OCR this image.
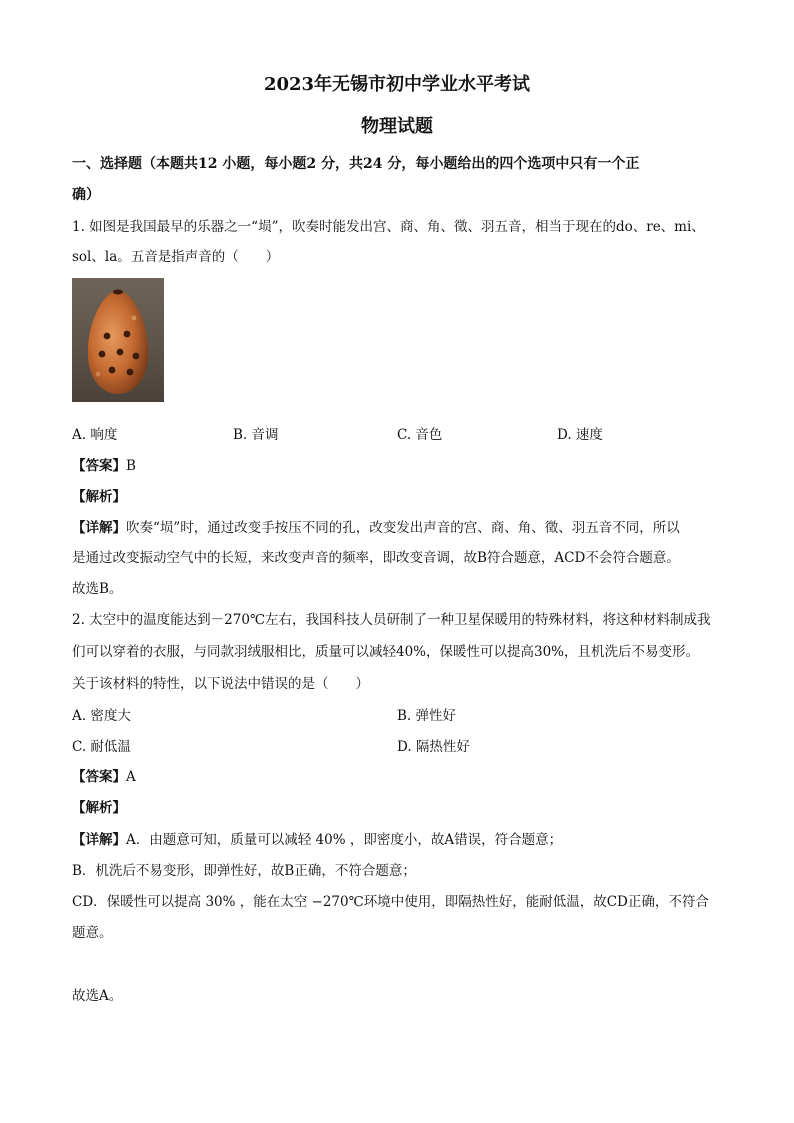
2023年无锡市初中学业水平考试
物理试题
一、选择题（本题共12 小题，每小题2 分，共24 分，每小题给出的四个选项中只有一个正
确）
1. 如图是我国最早的乐器之一“埙”，吹奏时能发出宫、商、角、徵、羽五音，相当于现在的do、re、mi、
sol、la。五音是指声音的（　　）
A. 响度	B. 音调	C. 音色	D. 速度
【答案】B
【解析】
【详解】吹奏“埙”时，通过改变手按压不同的孔，改变发出声音的宫、商、角、徵、羽五音不同，所以
是通过改变振动空气中的长短，来改变声音的频率，即改变音调，故B符合题意，ACD不会符合题意。
故选B。
2. 太空中的温度能达到－270℃左右，我国科技人员研制了一种卫星保暖用的特殊材料，将这种材料制成我
们可以穿着的衣服，与同款羽绒服相比，质量可以减轻40%，保暖性可以提高30%，且机洗后不易变形。
关于该材料的特性，以下说法中错误的是（　　）
A. 密度大	B. 弹性好
C. 耐低温	D. 隔热性好
【答案】A
【解析】
【详解】A．由题意可知，质量可以减轻 40% ，即密度小，故A错误，符合题意；
B．机洗后不易变形，即弹性好，故B正确，不符合题意；
CD．保暖性可以提高 30% ，能在太空 −270℃环境中使用，即隔热性好，能耐低温，故CD正确，不符合
题意。
故选A。
